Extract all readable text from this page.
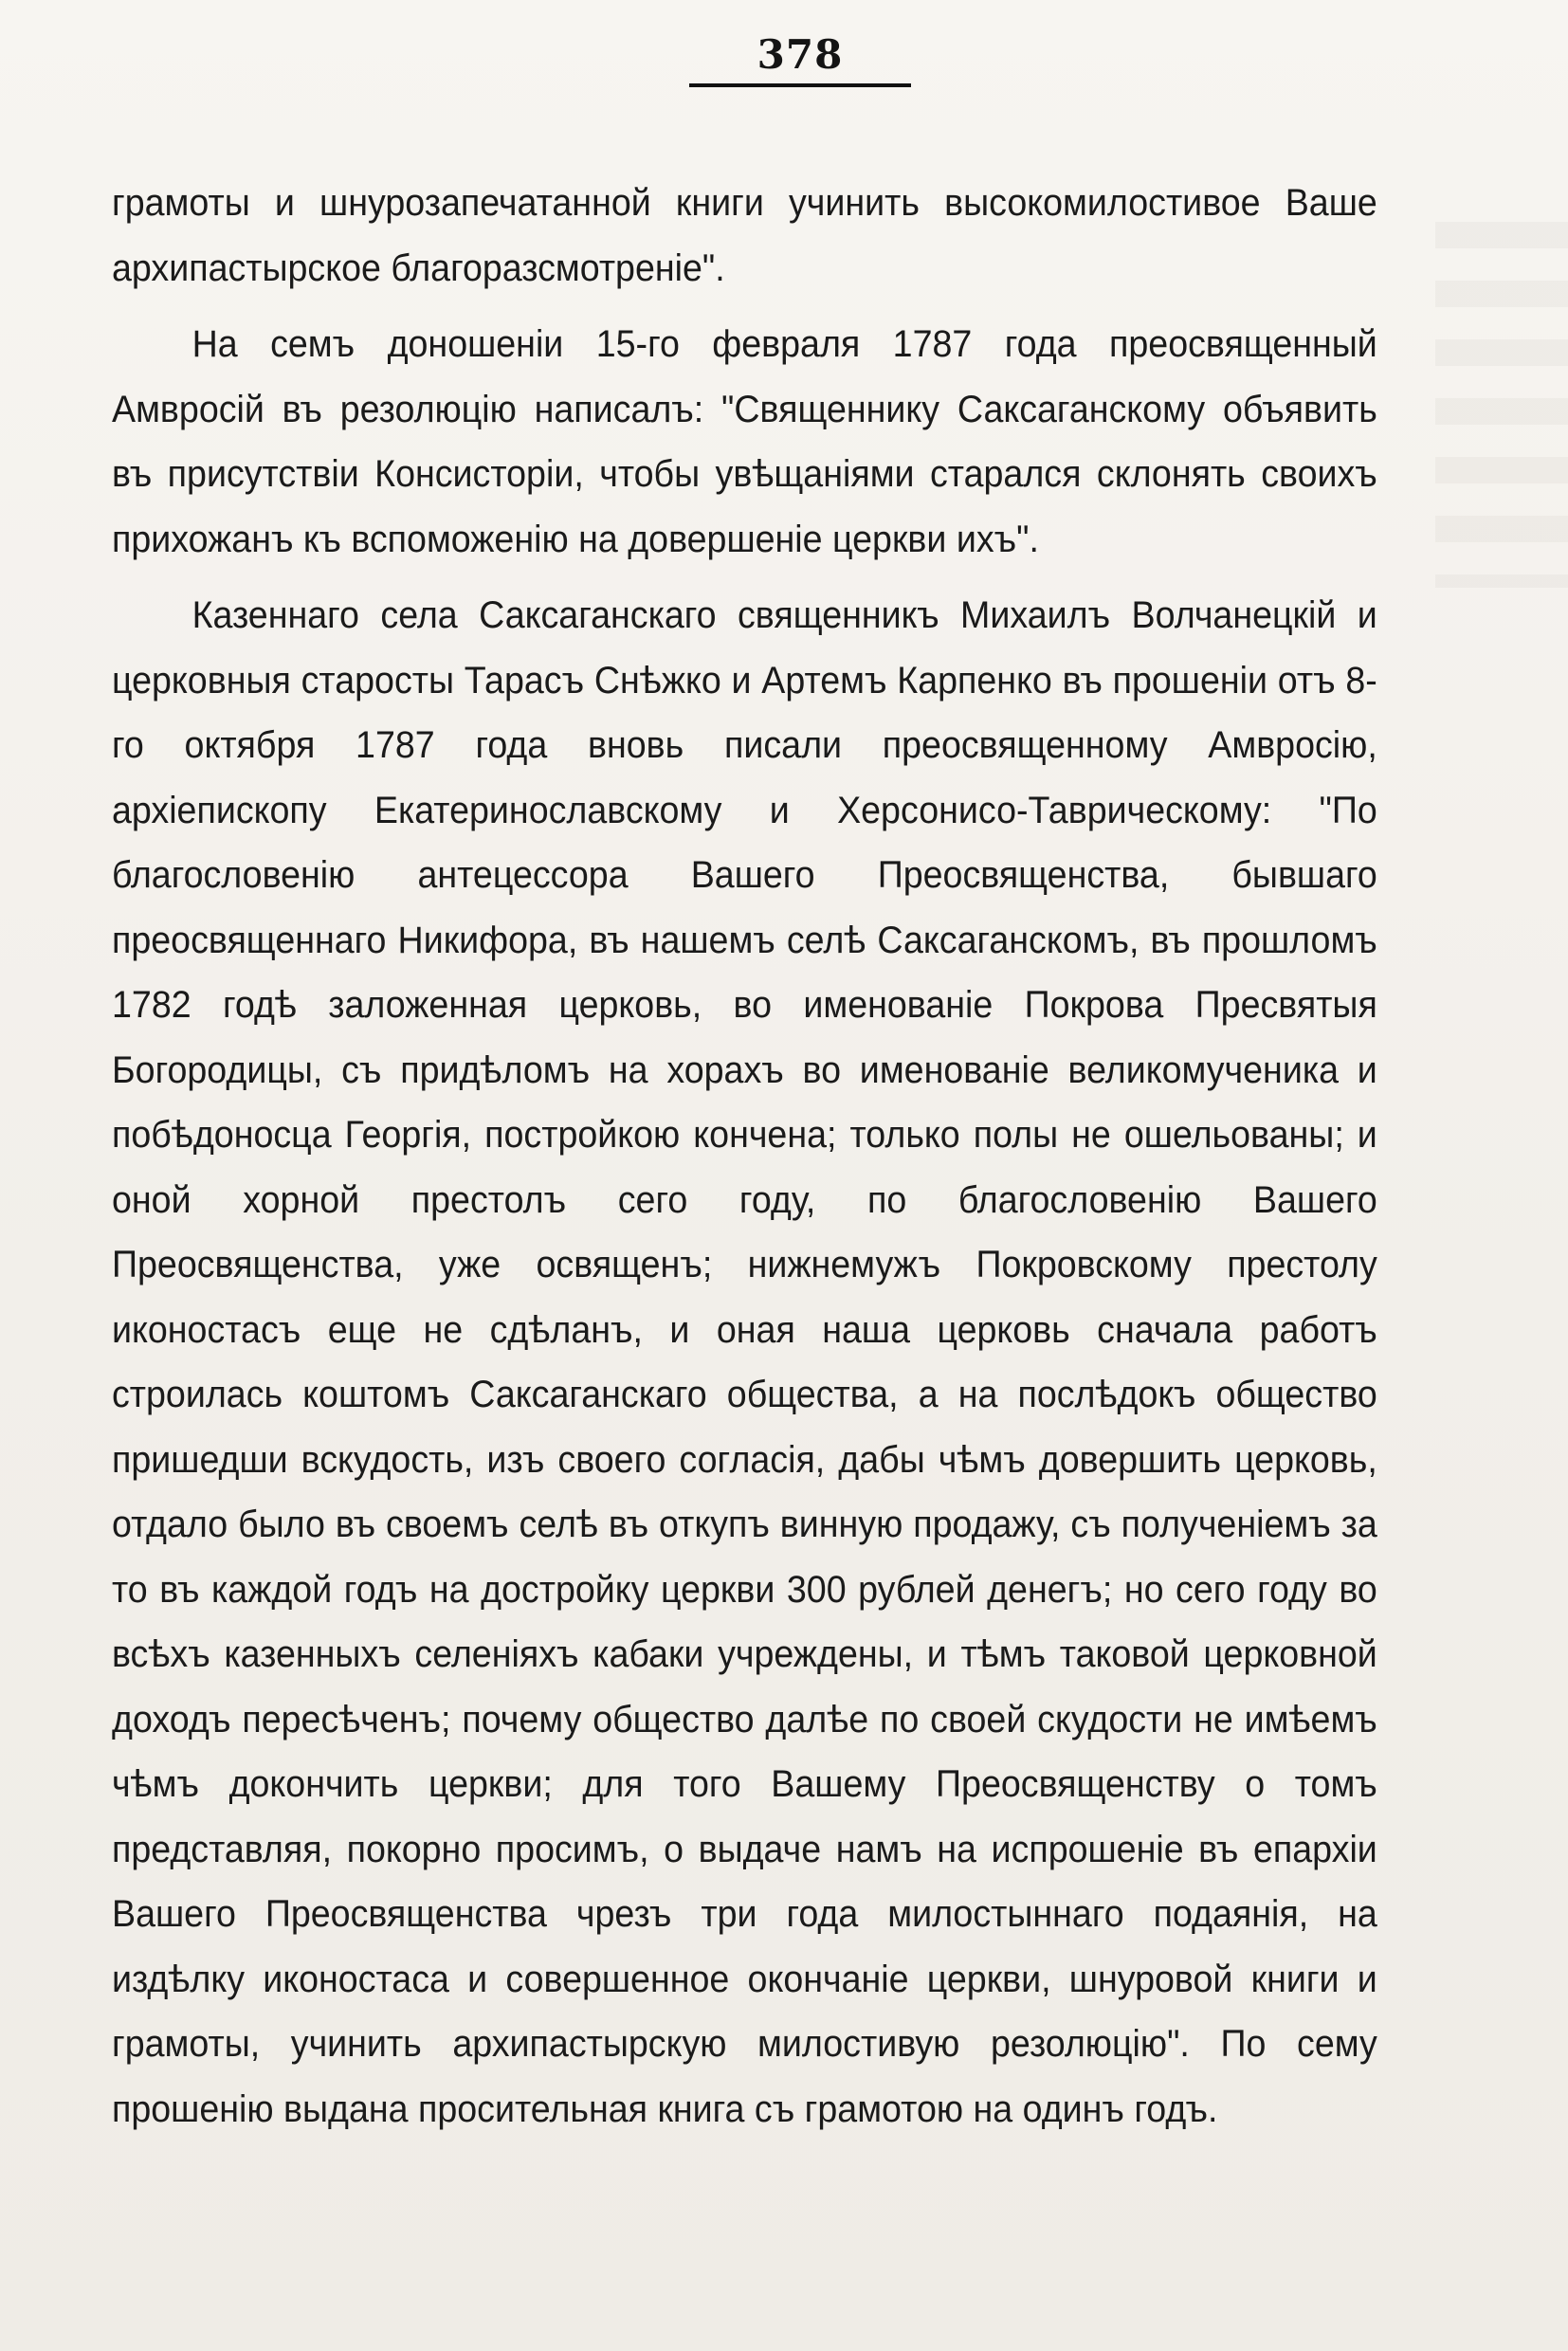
378

грамоты и шнурозапечатанной книги учинить высокомилостивое Ваше архипастырское благоразсмотреніе".

На семъ доношеніи 15-го февраля 1787 года преосвященный Амвросій въ резолюцію написалъ: "Священнику Саксаганскому объявить въ присутствіи Консисторіи, чтобы увѣщаніями старался склонять своихъ прихожанъ къ вспоможенію на довершеніе церкви ихъ".

Казеннаго села Саксаганскаго священникъ Михаилъ Волчанецкій и церковныя старосты Тарасъ Снѣжко и Артемъ Карпенко въ прошеніи отъ 8-го октября 1787 года вновь писали преосвященному Амвросію, архіепископу Екатеринославскому и Херсонисо-Таврическому: "По благословенію антецессора Вашего Преосвященства, бывшаго преосвященнаго Никифора, въ нашемъ селѣ Саксаганскомъ, въ прошломъ 1782 годѣ заложенная церковь, во именованіе Покрова Пресвятыя Богородицы, съ придѣломъ на хорахъ во именованіе великомученика и побѣдоносца Георгія, постройкою кончена; только полы не ошельованы; и оной хорной престолъ сего году, по благословенію Вашего Преосвященства, уже освященъ; нижнемужъ Покровскому престолу иконостасъ еще не сдѣланъ, и оная наша церковь сначала работъ строилась коштомъ Саксаганскаго общества, а на послѣдокъ общество пришедши вскудость, изъ своего согласія, дабы чѣмъ довершить церковь, отдало было въ своемъ селѣ въ откупъ винную продажу, съ полученіемъ за то въ каждой годъ на достройку церкви 300 рублей денегъ; но сего году во всѣхъ казенныхъ селеніяхъ кабаки учреждены, и тѣмъ таковой церковной доходъ пересѣченъ; почему общество далѣе по своей скудости не имѣемъ чѣмъ докончить церкви; для того Вашему Преосвященству о томъ представляя, покорно просимъ, о выдаче намъ на испрошеніе въ епархіи Вашего Преосвященства чрезъ три года милостыннаго подаянія, на издѣлку иконостаса и совершенное окончаніе церкви, шнуровой книги и грамоты, учинить архипастырскую милостивую резолюцію". По сему прошенію выдана просительная книга съ грамотою на одинъ годъ.
